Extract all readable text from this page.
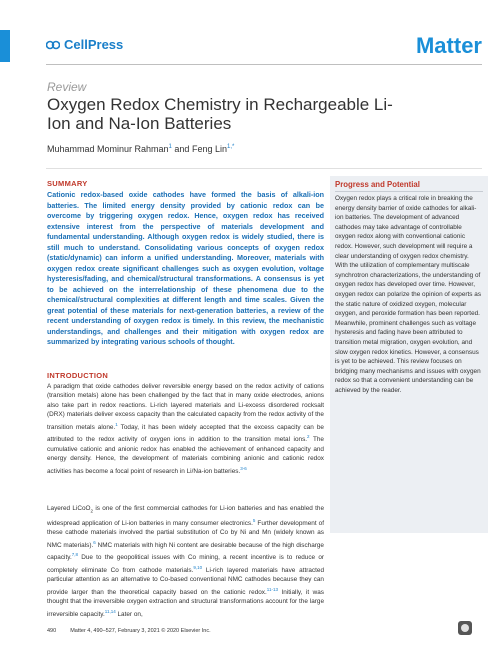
CellPress	Matter
Review
Oxygen Redox Chemistry in Rechargeable Li-Ion and Na-Ion Batteries
Muhammad Mominur Rahman$^1$ and Feng Lin$^{1,*}$
SUMMARY
Cationic redox-based oxide cathodes have formed the basis of alkali-ion batteries. The limited energy density provided by cationic redox can be overcome by triggering oxygen redox. Hence, oxygen redox has received extensive interest from the perspective of materials development and fundamental understanding. Although oxygen redox is widely studied, there is still much to understand. Consolidating various concepts of oxygen redox (static/dynamic) can inform a unified understanding. Moreover, materials with oxygen redox create significant challenges such as oxygen evolution, voltage hysteresis/fading, and chemical/structural transformations. A consensus is yet to be achieved on the interrelationship of these phenomena due to the chemical/structural complexities at different length and time scales. Given the great potential of these materials for next-generation batteries, a review of the recent understanding of oxygen redox is timely. In this review, the mechanistic understandings, and challenges and their mitigation with oxygen redox are summarized by integrating various schools of thought.
INTRODUCTION
A paradigm that oxide cathodes deliver reversible energy based on the redox activity of cations (transition metals) alone has been challenged by the fact that in many oxide electrodes, anions also take part in redox reactions. Li-rich layered materials and Li-excess disordered rocksalt (DRX) materials deliver excess capacity than the calculated capacity from the redox activity of the transition metals alone.$^1$ Today, it has been widely accepted that the excess capacity can be attributed to the redox activity of oxygen ions in addition to the transition metal ions.$^2$ The cumulative cationic and anionic redox has enabled the achievement of enhanced capacity and energy density. Hence, the development of materials combining anionic and cationic redox activities has become a focal point of research in Li/Na-ion batteries.$^{3-6}$
Layered LiCoO$_2$ is one of the first commercial cathodes for Li-ion batteries and has enabled the widespread application of Li-ion batteries in many consumer electronics.$^5$ Further development of these cathode materials involved the partial substitution of Co by Ni and Mn (widely known as NMC materials).$^6$ NMC materials with high Ni content are desirable because of the high discharge capacity.$^{7,8}$ Due to the geopolitical issues with Co mining, a recent incentive is to reduce or completely eliminate Co from cathode materials.$^{9,10}$ Li-rich layered materials have attracted particular attention as an alternative to Co-based conventional NMC cathodes because they can provide larger than the theoretical capacity based on the cationic redox.$^{11-13}$ Initially, it was thought that the irreversible oxygen extraction and structural transformations account for the large irreversible capacity.$^{11,14}$ Later on,
Progress and Potential
Oxygen redox plays a critical role in breaking the energy density barrier of oxide cathodes for alkali-ion batteries. The development of advanced cathodes may take advantage of controllable oxygen redox along with conventional cationic redox. However, such development will require a clear understanding of oxygen redox chemistry. With the utilization of complementary multiscale synchrotron characterizations, the understanding of oxygen redox has developed over time. However, oxygen redox can polarize the opinion of experts as the static nature of oxidized oxygen, molecular oxygen, and peroxide formation has been reported. Meanwhile, prominent challenges such as voltage hysteresis and fading have been attributed to transition metal migration, oxygen evolution, and slow oxygen redox kinetics. However, a consensus is yet to be achieved. This review focuses on bridging many mechanisms and issues with oxygen redox so that a convenient understanding can be achieved by the reader.
490	Matter 4, 490–527, February 3, 2021 © 2020 Elsevier Inc.
